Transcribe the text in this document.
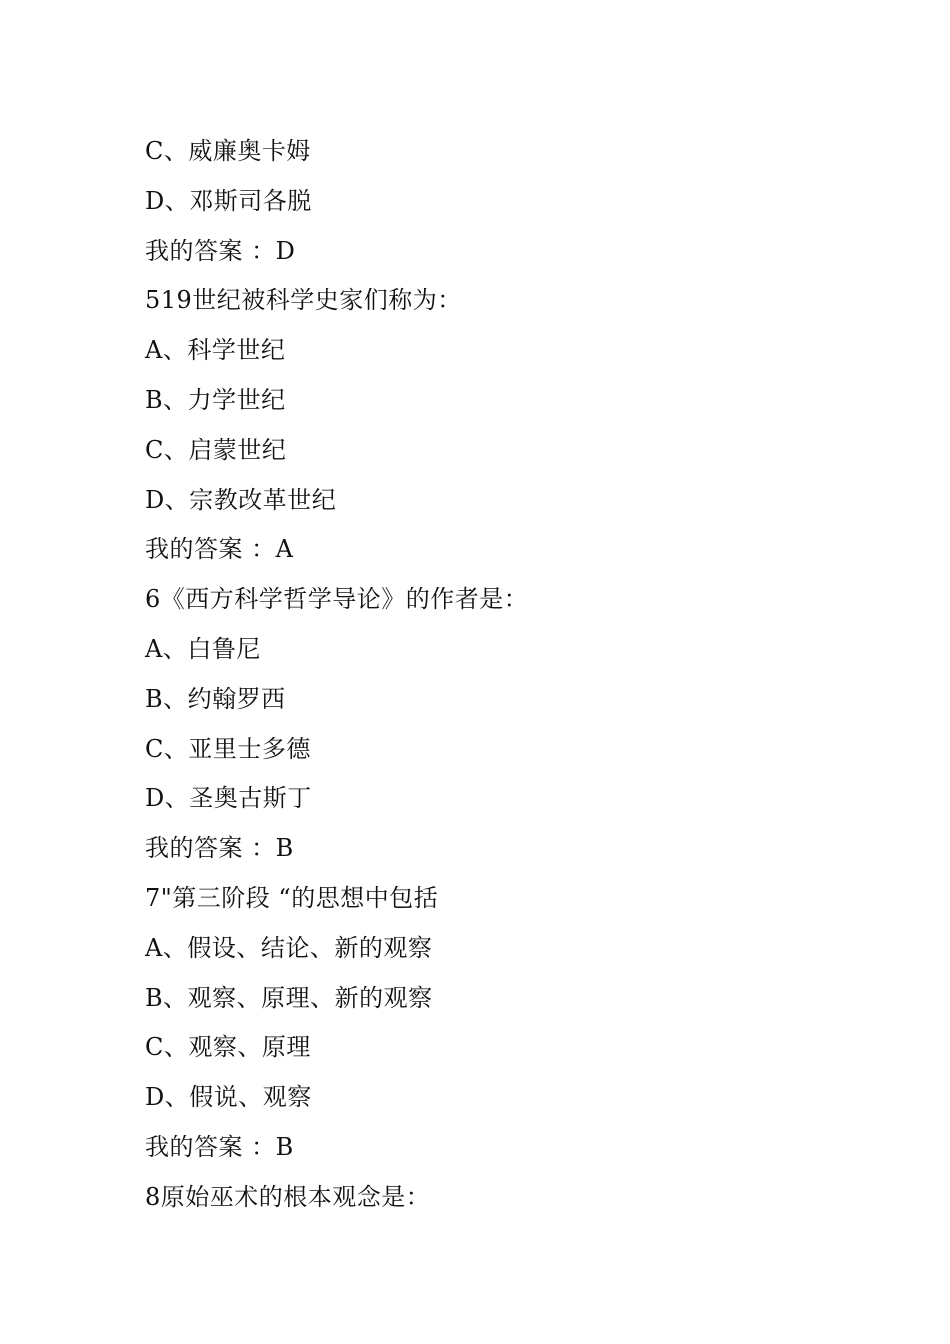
C、威廉奥卡姆
D、邓斯司各脱
我的答案 ：D
519世纪被科学史家们称为：
A、科学世纪
B、力学世纪
C、启蒙世纪
D、宗教改革世纪
我的答案 ：A
6《西方科学哲学导论》的作者是：
A、白鲁尼
B、约翰罗西
C、亚里士多德
D、圣奥古斯丁
我的答案 ：B
7"第三阶段 “的思想中包括
A、假设、结论、新的观察
B、观察、原理、新的观察
C、观察、原理
D、假说、观察
我的答案 ：B
8原始巫术的根本观念是：
